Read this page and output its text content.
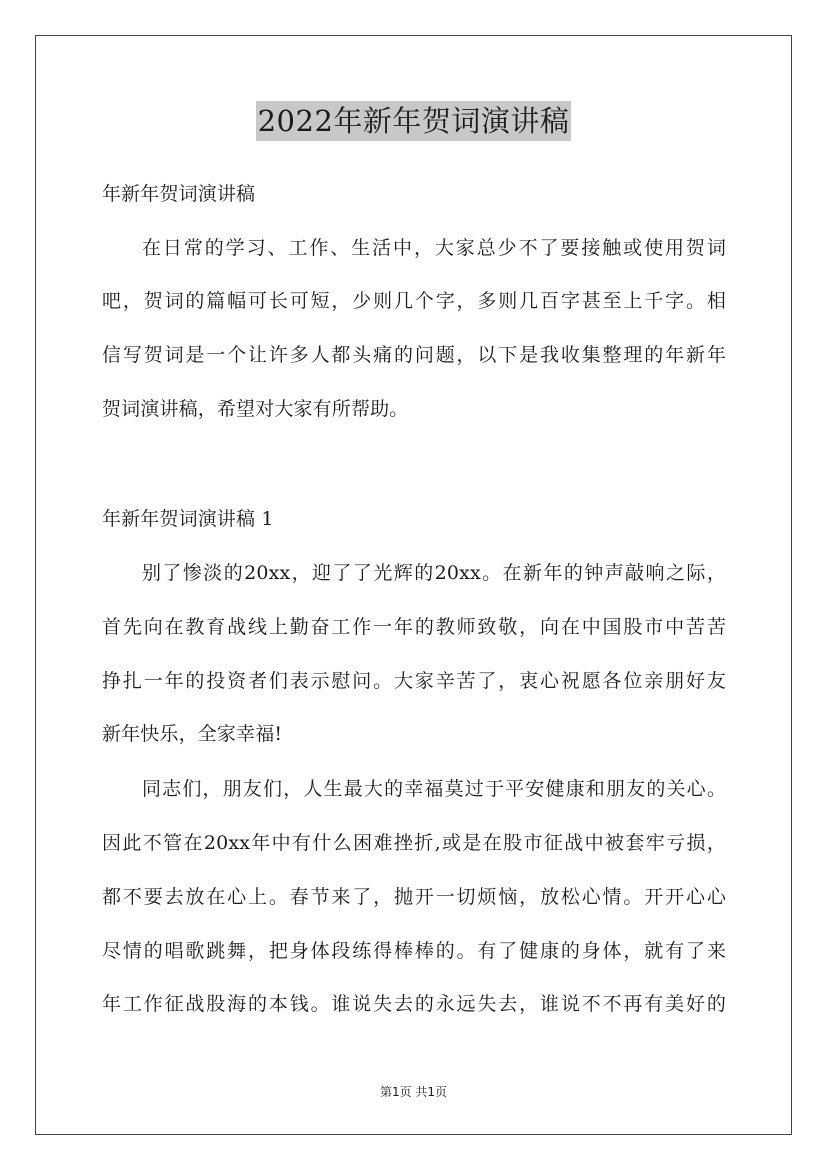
2022年新年贺词演讲稿
年新年贺词演讲稿
在日常的学习、工作、生活中，大家总少不了要接触或使用贺词
吧，贺词的篇幅可长可短，少则几个字，多则几百字甚至上千字。相
信写贺词是一个让许多人都头痛的问题，以下是我收集整理的年新年
贺词演讲稿，希望对大家有所帮助。
年新年贺词演讲稿 1
别了惨淡的20xx，迎了了光辉的20xx。在新年的钟声敲响之际，
首先向在教育战线上勤奋工作一年的教师致敬，向在中国股市中苦苦
挣扎一年的投资者们表示慰问。大家辛苦了，衷心祝愿各位亲朋好友
新年快乐，全家幸福!
同志们，朋友们，人生最大的幸福莫过于平安健康和朋友的关心。
因此不管在20xx年中有什么困难挫折,或是在股市征战中被套牢亏损，
都不要去放在心上。春节来了，抛开一切烦恼，放松心情。开开心心
尽情的唱歌跳舞，把身体段练得棒棒的。有了健康的身体，就有了来
年工作征战股海的本钱。谁说失去的永远失去，谁说不不再有美好的
第1页 共1页
